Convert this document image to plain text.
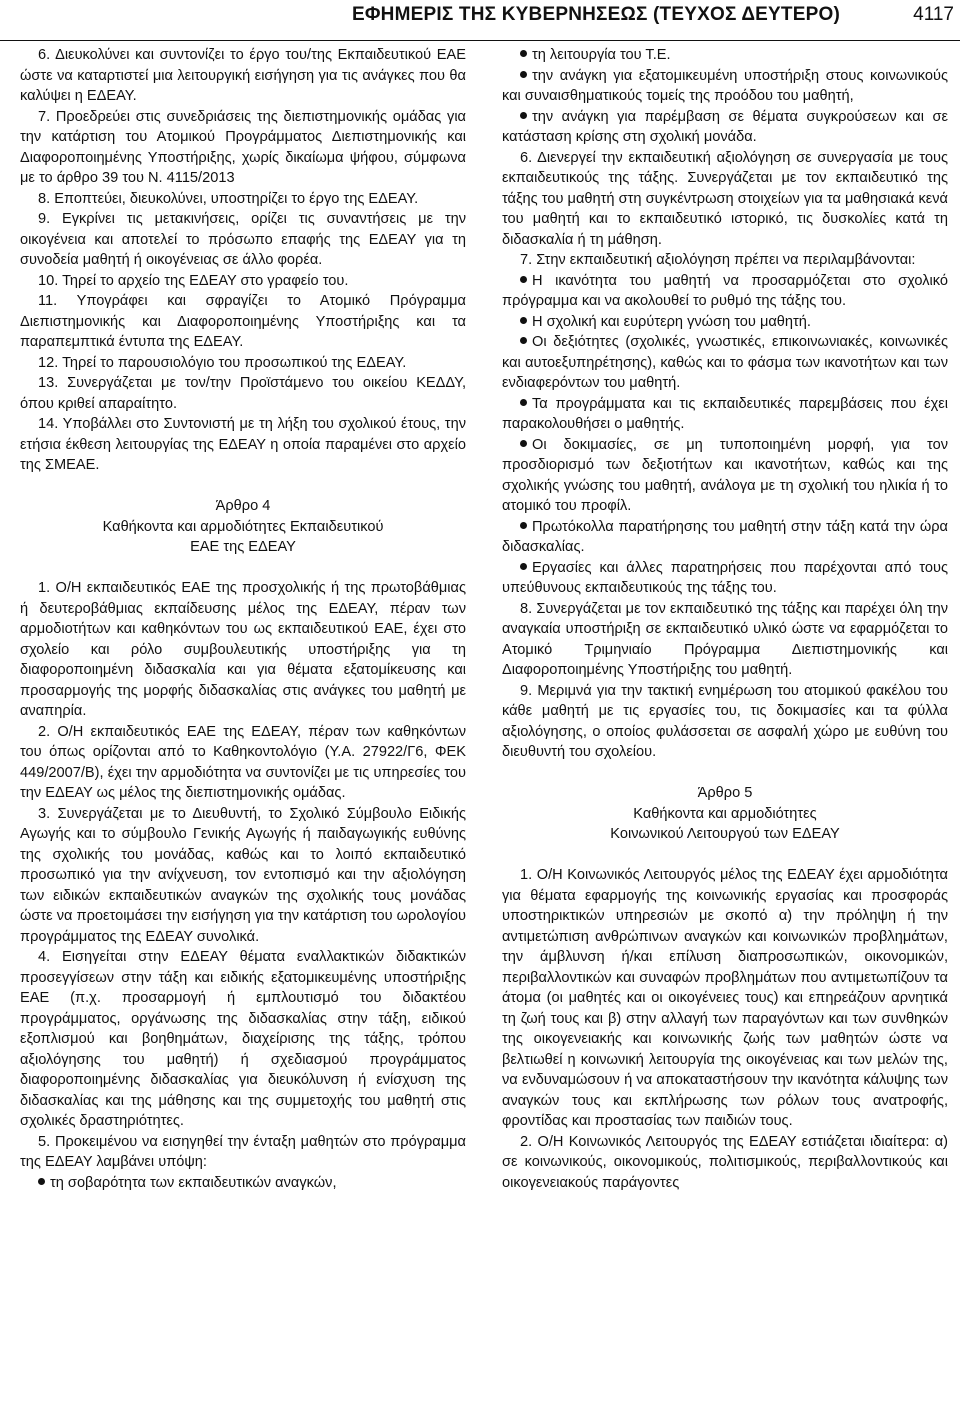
ΕΦΗΜΕΡΙΣ ΤΗΣ ΚΥΒΕΡΝΗΣΕΩΣ (ΤΕΥΧΟΣ ΔΕΥΤΕΡΟ)	4117

6. Διευκολύνει και συντονίζει το έργο του/της Εκπαιδευτικού ΕΑΕ ώστε να καταρτιστεί μια λειτουργική εισήγηση για τις ανάγκες που θα καλύψει η ΕΔΕΑΥ.

7. Προεδρεύει στις συνεδριάσεις της διεπιστημονικής ομάδας για την κατάρτιση του Ατομικού Προγράμματος Διεπιστημονικής και Διαφοροποιημένης Υποστήριξης, χωρίς δικαίωμα ψήφου, σύμφωνα με το άρθρο 39 του Ν. 4115/2013

8. Εποπτεύει, διευκολύνει, υποστηρίζει το έργο της ΕΔΕΑΥ.

9. Εγκρίνει τις μετακινήσεις, ορίζει τις συναντήσεις με την οικογένεια και αποτελεί το πρόσωπο επαφής της ΕΔΕΑΥ για τη συνοδεία μαθητή ή οικογένειας σε άλλο φορέα.

10. Τηρεί το αρχείο της ΕΔΕΑΥ στο γραφείο του.

11. Υπογράφει και σφραγίζει το Ατομικό Πρόγραμμα Διεπιστημονικής και Διαφοροποιημένης Υποστήριξης και τα παραπεμπτικά έντυπα της ΕΔΕΑΥ.

12. Τηρεί το παρουσιολόγιο του προσωπικού της ΕΔΕΑΥ.

13. Συνεργάζεται με τον/την Προϊστάμενο του οικείου ΚΕΔΔΥ, όπου κριθεί απαραίτητο.

14. Υποβάλλει στο Συντονιστή με τη λήξη του σχολικού έτους, την ετήσια έκθεση λειτουργίας της ΕΔΕΑΥ η οποία παραμένει στο αρχείο της ΣΜΕΑΕ.

Άρθρο 4

Καθήκοντα και αρμοδιότητες Εκπαιδευτικού

ΕΑΕ της ΕΔΕΑΥ

1. Ο/Η εκπαιδευτικός ΕΑΕ της προσχολικής ή της πρωτοβάθμιας ή δευτεροβάθμιας εκπαίδευσης μέλος της ΕΔΕΑΥ, πέραν των αρμοδιοτήτων και καθηκόντων του ως εκπαιδευτικού ΕΑΕ, έχει στο σχολείο και ρόλο συμβουλευτικής υποστήριξης για τη διαφοροποιημένη διδασκαλία και για θέματα εξατομίκευσης και προσαρμογής της μορφής διδασκαλίας στις ανάγκες του μαθητή με αναπηρία.

2. Ο/Η εκπαιδευτικός ΕΑΕ της ΕΔΕΑΥ, πέραν των καθηκόντων του όπως ορίζονται από το Καθηκοντολόγιο (Υ.Α. 27922/Γ6, ΦΕΚ 449/2007/Β), έχει την αρμοδιότητα να συντονίζει με τις υπηρεσίες του την ΕΔΕΑΥ ως μέλος της διεπιστημονικής ομάδας.

3. Συνεργάζεται με το Διευθυντή, το Σχολικό Σύμβουλο Ειδικής Αγωγής και το σύμβουλο Γενικής Αγωγής ή παιδαγωγικής ευθύνης της σχολικής του μονάδας, καθώς και το λοιπό εκπαιδευτικό προσωπικό για την ανίχνευση, τον εντοπισμό και την αξιολόγηση των ειδικών εκπαιδευτικών αναγκών της σχολικής τους μονάδας ώστε να προετοιμάσει την εισήγηση για την κατάρτιση του ωρολογίου προγράμματος της ΕΔΕΑΥ συνολικά.

4. Εισηγείται στην ΕΔΕΑΥ θέματα εναλλακτικών διδακτικών προσεγγίσεων στην τάξη και ειδικής εξατομικευμένης υποστήριξης ΕΑΕ (π.χ. προσαρμογή ή εμπλουτισμό του διδακτέου προγράμματος, οργάνωσης της διδασκαλίας στην τάξη, ειδικού εξοπλισμού και βοηθημάτων, διαχείρισης της τάξης, τρόπου αξιολόγησης του μαθητή) ή σχεδιασμού προγράμματος διαφοροποιημένης διδασκαλίας για διευκόλυνση ή ενίσχυση της διδασκαλίας και της μάθησης και της συμμετοχής του μαθητή στις σχολικές δραστηριότητες.

5. Προκειμένου να εισηγηθεί την ένταξη μαθητών στο πρόγραμμα της ΕΔΕΑΥ λαμβάνει υπόψη:

τη σοβαρότητα των εκπαιδευτικών αναγκών,

τη λειτουργία του Τ.Ε.

την ανάγκη για εξατομικευμένη υποστήριξη στους κοινωνικούς και συναισθηματικούς τομείς της προόδου του μαθητή,

την ανάγκη για παρέμβαση σε θέματα συγκρούσεων και σε κατάσταση κρίσης στη σχολική μονάδα.

6. Διενεργεί την εκπαιδευτική αξιολόγηση σε συνεργασία με τους εκπαιδευτικούς της τάξης. Συνεργάζεται με τον εκπαιδευτικό της τάξης του μαθητή στη συγκέντρωση στοιχείων για τα μαθησιακά κενά του μαθητή και το εκπαιδευτικό ιστορικό, τις δυσκολίες κατά τη διδασκαλία ή τη μάθηση.

7. Στην εκπαιδευτική αξιολόγηση πρέπει να περιλαμβάνονται:

Η ικανότητα του μαθητή να προσαρμόζεται στο σχολικό πρόγραμμα και να ακολουθεί το ρυθμό της τάξης του.

Η σχολική και ευρύτερη γνώση του μαθητή.

Οι δεξιότητες (σχολικές, γνωστικές, επικοινωνιακές, κοινωνικές και αυτοεξυπηρέτησης), καθώς και το φάσμα των ικανοτήτων και των ενδιαφερόντων του μαθητή.

Τα προγράμματα και τις εκπαιδευτικές παρεμβάσεις που έχει παρακολουθήσει ο μαθητής.

Οι δοκιμασίες, σε μη τυποποιημένη μορφή, για τον προσδιορισμό των δεξιοτήτων και ικανοτήτων, καθώς και της σχολικής γνώσης του μαθητή, ανάλογα με τη σχολική του ηλικία ή το ατομικό του προφίλ.

Πρωτόκολλα παρατήρησης του μαθητή στην τάξη κατά την ώρα διδασκαλίας.

Εργασίες και άλλες παρατηρήσεις που παρέχονται από τους υπεύθυνους εκπαιδευτικούς της τάξης του.

8. Συνεργάζεται με τον εκπαιδευτικό της τάξης και παρέχει όλη την αναγκαία υποστήριξη σε εκπαιδευτικό υλικό ώστε να εφαρμόζεται το Ατομικό Τριμηνιαίο Πρόγραμμα Διεπιστημονικής και Διαφοροποιημένης Υποστήριξης του μαθητή.

9. Μεριμνά για την τακτική ενημέρωση του ατομικού φακέλου του κάθε μαθητή με τις εργασίες του, τις δοκιμασίες και τα φύλλα αξιολόγησης, ο οποίος φυλάσσεται σε ασφαλή χώρο με ευθύνη του διευθυντή του σχολείου.

Άρθρο 5

Καθήκοντα και αρμοδιότητες

Κοινωνικού Λειτουργού των ΕΔΕΑΥ

1. Ο/Η Κοινωνικός Λειτουργός μέλος της ΕΔΕΑΥ έχει αρμοδιότητα για θέματα εφαρμογής της κοινωνικής εργασίας και προσφοράς υποστηρικτικών υπηρεσιών με σκοπό α) την πρόληψη ή την αντιμετώπιση ανθρώπινων αναγκών και κοινωνικών προβλημάτων, την άμβλυνση ή/και επίλυση διαπροσωπικών, οικονομικών, περιβαλλοντικών και συναφών προβλημάτων που αντιμετωπίζουν τα άτομα (οι μαθητές και οι οικογένειες τους) και επηρεάζουν αρνητικά τη ζωή τους και β) στην αλλαγή των παραγόντων και των συνθηκών της οικογενειακής και κοινωνικής ζωής των μαθητών ώστε να βελτιωθεί η κοινωνική λειτουργία της οικογένειας και των μελών της, να ενδυναμώσουν ή να αποκαταστήσουν την ικανότητα κάλυψης των αναγκών τους και εκπλήρωσης των ρόλων τους ανατροφής, φροντίδας και προστασίας των παιδιών τους.

2. Ο/Η Κοινωνικός Λειτουργός της ΕΔΕΑΥ εστιάζεται ιδιαίτερα: α) σε κοινωνικούς, οικονομικούς, πολιτισμικούς, περιβαλλοντικούς και οικογενειακούς παράγοντες
